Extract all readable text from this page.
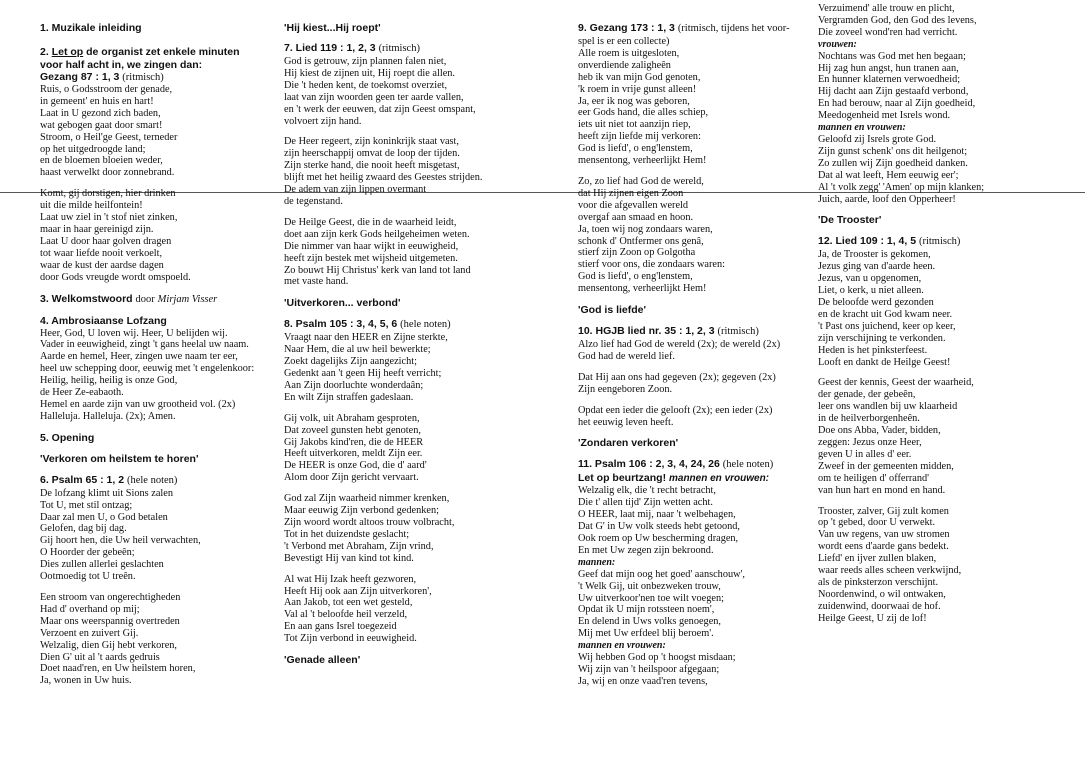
1. Muzikale inleiding
2. Let op de organist zet enkele minuten
voor half acht in, we zingen dan:
Gezang 87 : 1, 3 (ritmisch)
Ruis, o Godsstroom der genade,
in gemeent' en huis en hart!
Laat in U gezond zich baden,
wat gebogen gaat door smart!
Stroom, o Heil'ge Geest, terneder
op het uitgedroogde land;
en de bloemen bloeien weder,
haast verwelkt door zonnebrand.
Komt, gij dorstigen, hier drinken
uit die milde heilfontein!
Laat uw ziel in 't stof niet zinken,
maar in haar gereinigd zijn.
Laat U door haar golven dragen
tot waar liefde nooit verkoelt,
waar de kust der aardse dagen
door Gods vreugde wordt omspoeld.
3. Welkomstwoord door Mirjam Visser
4. Ambrosiaanse Lofzang
Heer, God, U loven wij. Heer, U belijden wij.
Vader in eeuwigheid, zingt 't gans heelal uw naam.
Aarde en hemel, Heer, zingen uwe naam ter eer,
heel uw schepping door, eeuwig met 't engelenkoor:
Heilig, heilig, heilig is onze God,
de Heer Ze-eabaoth.
Hemel en aarde zijn van uw grootheid vol. (2x)
Halleluja. Halleluja. (2x); Amen.
5. Opening
'Verkoren om heilstem te horen'
6. Psalm 65 : 1, 2 (hele noten)
De lofzang klimt uit Sions zalen
Tot U, met stil ontzag;
Daar zal men U, o God betalen
Gelofen, dag bij dag.
Gij hoort hen, die Uw heil verwachten,
O Hoorder der gebeên;
Dies zullen allerlei geslachten
Ootmoedig tot U treên.
Een stroom van ongerechtigheden
Had d' overhand op mij;
Maar ons weerspannig overtreden
Verzoent en zuivert Gij.
Welzalig, dien Gij hebt verkoren,
Dien G' uit al 't aards gedruis
Doet naad'ren, en Uw heilstem horen,
Ja, wonen in Uw huis.
'Hij kiest...Hij roept'
7. Lied 119 : 1, 2, 3 (ritmisch)
God is getrouw, zijn plannen falen niet,
Hij kiest de zijnen uit, Hij roept die allen.
Die 't heden kent, de toekomst overziet,
laat van zijn woorden geen ter aarde vallen,
en 't werk der eeuwen, dat zijn Geest omspant,
volvoert zijn hand.
De Heer regeert, zijn koninkrijk staat vast,
zijn heerschappij omvat de loop der tijden.
Zijn sterke hand, die nooit heeft misgetast,
blijft met het heilig zwaard des Geestes strijden.
De adem van zijn lippen overmant
de tegenstand.
De Heilge Geest, die in de waarheid leidt,
doet aan zijn kerk Gods heilgeheimen weten.
Die nimmer van haar wijkt in eeuwigheid,
heeft zijn bestek met wijsheid uitgemeten.
Zo bouwt Hij Christus' kerk van land tot land
met vaste hand.
'Uitverkoren... verbond'
8. Psalm 105 : 3, 4, 5, 6 (hele noten)
Vraagt naar den HEER en Zijne sterkte,
Naar Hem, die al uw heil bewerkte;
Zoekt dagelijks Zijn aangezicht;
Gedenkt aan 't geen Hij heeft verricht;
Aan Zijn doorluchte wonderdaân;
En wilt Zijn straffen gadeslaan.
Gij volk, uit Abraham gesproten,
Dat zoveel gunsten hebt genoten,
Gij Jakobs kind'ren, die de HEER
Heeft uitverkoren, meldt Zijn eer.
De HEER is onze God, die d' aard'
Alom door Zijn gericht vervaart.
God zal Zijn waarheid nimmer krenken,
Maar eeuwig Zijn verbond gedenken;
Zijn woord wordt altoos trouw volbracht,
Tot in het duizendste geslacht;
't Verbond met Abraham, Zijn vrind,
Bevestigt Hij van kind tot kind.
Al wat Hij Izak heeft gezworen,
Heeft Hij ook aan Zijn uitverkoren',
Aan Jakob, tot een wet gesteld,
Val al 't beloofde heil verzeld,
En aan gans Isrel toegezeid
Tot Zijn verbond in eeuwigheid.
'Genade alleen'
9. Gezang 173 : 1, 3 (ritmisch, tijdens het voor-
spel is er een collecte)
Alle roem is uitgesloten,
onverdiende zaligheên
heb ik van mijn God genoten,
'k roem in vrije gunst alleen!
Ja, eer ik nog was geboren,
eer Gods hand, die alles schiep,
iets uit niet tot aanzijn riep,
heeft zijn liefde mij verkoren:
God is liefd', o eng'lenstem,
mensentong, verheerlijkt Hem!
Zo, zo lief had God de wereld,
dat Hij zijnen eigen Zoon
voor die afgevallen wereld
overgaf aan smaad en hoon.
Ja, toen wij nog zondaars waren,
schonk d' Ontfermer ons genâ,
stierf zijn Zoon op Golgotha
stierf voor ons, die zondaars waren:
God is liefd', o eng'lenstem,
mensentong, verheerlijkt Hem!
'God is liefde'
10. HGJB lied nr. 35 : 1, 2, 3 (ritmisch)
Alzo lief had God de wereld (2x); de wereld (2x)
God had de wereld lief.
Dat Hij aan ons had gegeven (2x); gegeven (2x)
Zijn eengeboren Zoon.
Opdat een ieder die gelooft (2x); een ieder (2x)
het eeuwig leven heeft.
'Zondaren verkoren'
11. Psalm 106 : 2, 3, 4, 24, 26 (hele noten)
Let op beurtzang! mannen en vrouwen:
Welzalig elk, die 't recht betracht,
Die t' allen tijd' Zijn wetten acht.
O HEER, laat mij, naar 't welbehagen,
Dat G' in Uw volk steeds hebt getoond,
Ook roem op Uw bescherming dragen,
En met Uw zegen zijn bekroond.
mannen:
Geef dat mijn oog het goed' aanschouw',
't Welk Gij, uit onbezweken trouw,
Uw uitverkoor'nen toe wilt voegen;
Opdat ik U mijn rotssteen noem',
En delend in Uws volks genoegen,
Mij met Uw erfdeel blij beroem'.
mannen en vrouwen:
Wij hebben God op 't hoogst misdaan;
Wij zijn van 't heilspoor afgegaan;
Ja, wij en onze vaad'ren tevens,
Verzuimend' alle trouw en plicht,
Vergramden God, den God des levens,
Die zoveel wond'ren had verricht.
vrouwen:
Nochtans was God met hen begaan;
Hij zag hun angst, hun tranen aan,
En hunner klaternen verwoedheid;
Hij dacht aan Zijn gestaafd verbond,
En had berouw, naar al Zijn goedheid,
Meedogenheid met Isrels wond.
mannen en vrouwen:
Geloofd zij Isrels grote God.
Zijn gunst schenk' ons dit heilgenot;
Zo zullen wij Zijn goedheid danken.
Dat al wat leeft, Hem eeuwig eer';
Al 't volk zegg' 'Amen' op mijn klanken;
Juich, aarde, loof den Opperheer!
'De Trooster'
12. Lied 109 : 1, 4, 5 (ritmisch)
Ja, de Trooster is gekomen,
Jezus ging van d'aarde heen.
Jezus, van u opgenomen,
Liet, o kerk, u niet alleen.
De beloofde werd gezonden
en de kracht uit God kwam neer.
't Past ons juichend, keer op keer,
zijn verschijning te verkonden.
Heden is het pinksterfeest.
Looft en dankt de Heilge Geest!
Geest der kennis, Geest der waarheid,
der genade, der gebeên,
leer ons wandlen bij uw klaarheid
in de heilverborgenheên.
Doe ons Abba, Vader, bidden,
zeggen: Jezus onze Heer,
geven U in alles d' eer.
Zweef in der gemeenten midden,
om te heiligen d' offerrand'
van hun hart en mond en hand.
Trooster, zalver, Gij zult komen
op 't gebed, door U verwekt.
Van uw regens, van uw stromen
wordt eens d'aarde gans bedekt.
Liefd' en ijver zullen blaken,
waar reeds alles scheen verkwijnd,
als de pinksterzon verschijnt.
Noordenwind, o wil ontwaken,
zuidenwind, doorwaai de hof.
Heilge Geest, U zij de lof!
